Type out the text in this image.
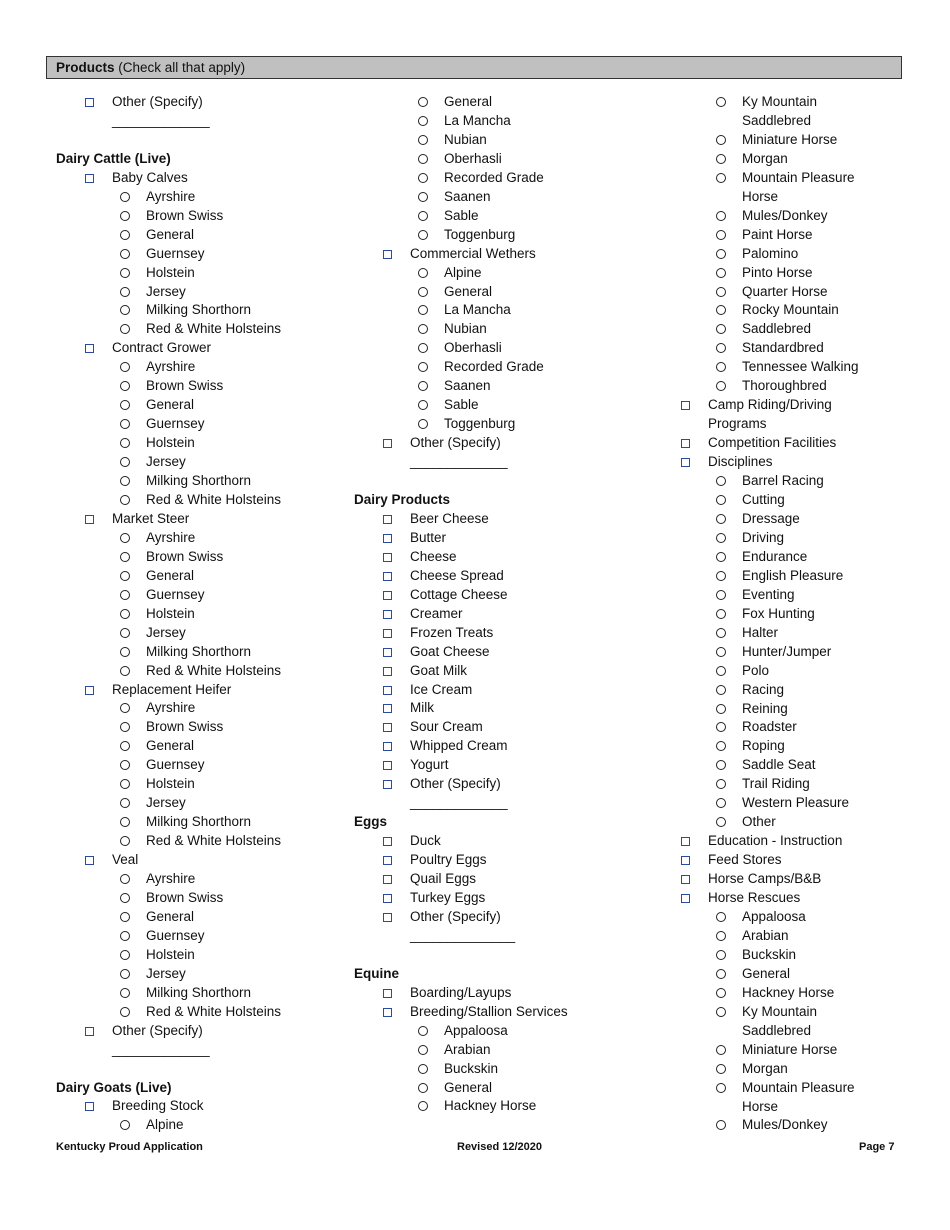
Products (Check all that apply)
Other (Specify)
_____________
Dairy Cattle (Live)
Baby Calves
Ayrshire
Brown Swiss
General
Guernsey
Holstein
Jersey
Milking Shorthorn
Red & White Holsteins
Contract Grower
Ayrshire
Brown Swiss
General
Guernsey
Holstein
Jersey
Milking Shorthorn
Red & White Holsteins
Market Steer
Ayrshire
Brown Swiss
General
Guernsey
Holstein
Jersey
Milking Shorthorn
Red & White Holsteins
Replacement Heifer
Ayrshire
Brown Swiss
General
Guernsey
Holstein
Jersey
Milking Shorthorn
Red & White Holsteins
Veal
Ayrshire
Brown Swiss
General
Guernsey
Holstein
Jersey
Milking Shorthorn
Red & White Holsteins
Other (Specify)
_____________
Dairy Goats (Live)
Breeding Stock
Alpine
General
La Mancha
Nubian
Oberhasli
Recorded Grade
Saanen
Sable
Toggenburg
Commercial Wethers
Alpine
General
La Mancha
Nubian
Oberhasli
Recorded Grade
Saanen
Sable
Toggenburg
Other (Specify)
_____________
Dairy Products
Beer Cheese
Butter
Cheese
Cheese Spread
Cottage Cheese
Creamer
Frozen Treats
Goat Cheese
Goat Milk
Ice Cream
Milk
Sour Cream
Whipped Cream
Yogurt
Other (Specify)
_____________
Eggs
Duck
Poultry Eggs
Quail Eggs
Turkey Eggs
Other (Specify)
______________
Equine
Boarding/Layups
Breeding/Stallion Services
Appaloosa
Arabian
Buckskin
General
Hackney Horse
Ky Mountain
Saddlebred
Miniature Horse
Morgan
Mountain Pleasure
Horse
Mules/Donkey
Paint Horse
Palomino
Pinto Horse
Quarter Horse
Rocky Mountain
Saddlebred
Standardbred
Tennessee Walking
Thoroughbred
Camp Riding/Driving
Programs
Competition Facilities
Disciplines
Barrel Racing
Cutting
Dressage
Driving
Endurance
English Pleasure
Eventing
Fox Hunting
Halter
Hunter/Jumper
Polo
Racing
Reining
Roadster
Roping
Saddle Seat
Trail Riding
Western Pleasure
Other
Education - Instruction
Feed Stores
Horse Camps/B&B
Horse Rescues
Appaloosa
Arabian
Buckskin
General
Hackney Horse
Ky Mountain
Saddlebred
Miniature Horse
Morgan
Mountain Pleasure
Horse
Mules/Donkey
Kentucky Proud Application	Revised 12/2020	Page 7
